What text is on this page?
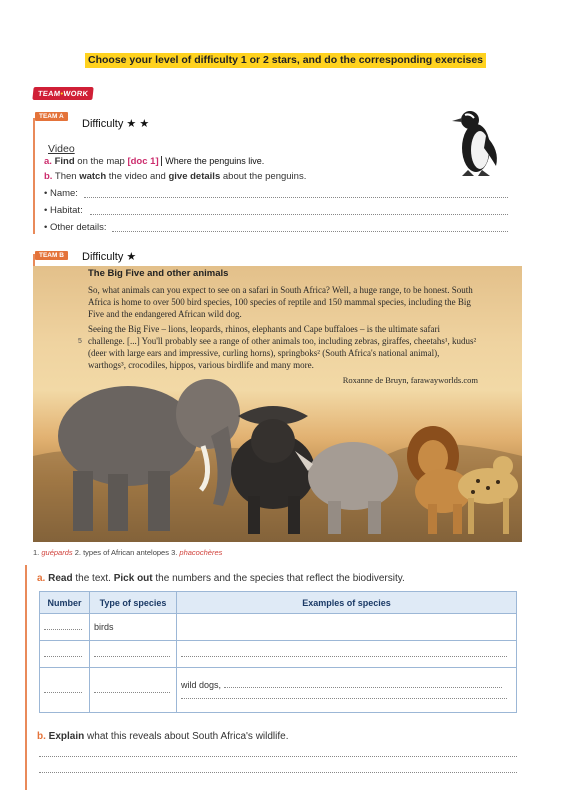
Choose your level of difficulty 1 or 2 stars, and do the corresponding exercises
TEAM•WORK
TEAM A
Difficulty ★ ★
Video
a. Find on the map [doc 1] Where the penguins live.
b. Then watch the video and give details about the penguins.
• Name:
• Habitat:
• Other details:
TEAM B	Difficulty ★
5
The Big Five and other animals

So, what animals can you expect to see on a safari in South Africa? Well, a huge range, to be honest. South Africa is home to over 500 bird species, 100 species of reptile and 150 mammal species, including the Big Five and the endangered African wild dog.

Seeing the Big Five – lions, leopards, rhinos, elephants and Cape buffaloes – is the ultimate safari challenge. [...] You'll probably see a range of other animals too, including zebras, giraffes, cheetahs¹, kudus² (deer with large ears and impressive, curling horns), springboks² (South Africa's national animal), warthogs³, crocodiles, hippos, various birdlife and many more.

Roxanne de Bruyn, farawayworlds.com
1. guépards 2. types of African antelopes 3. phacochères
a. Read the text. Pick out the numbers and the species that reflect the biodiversity.
Number	Type of species	Examples of species
	birds	

		wild dogs,

b. Explain what this reveals about South Africa's wildlife.
